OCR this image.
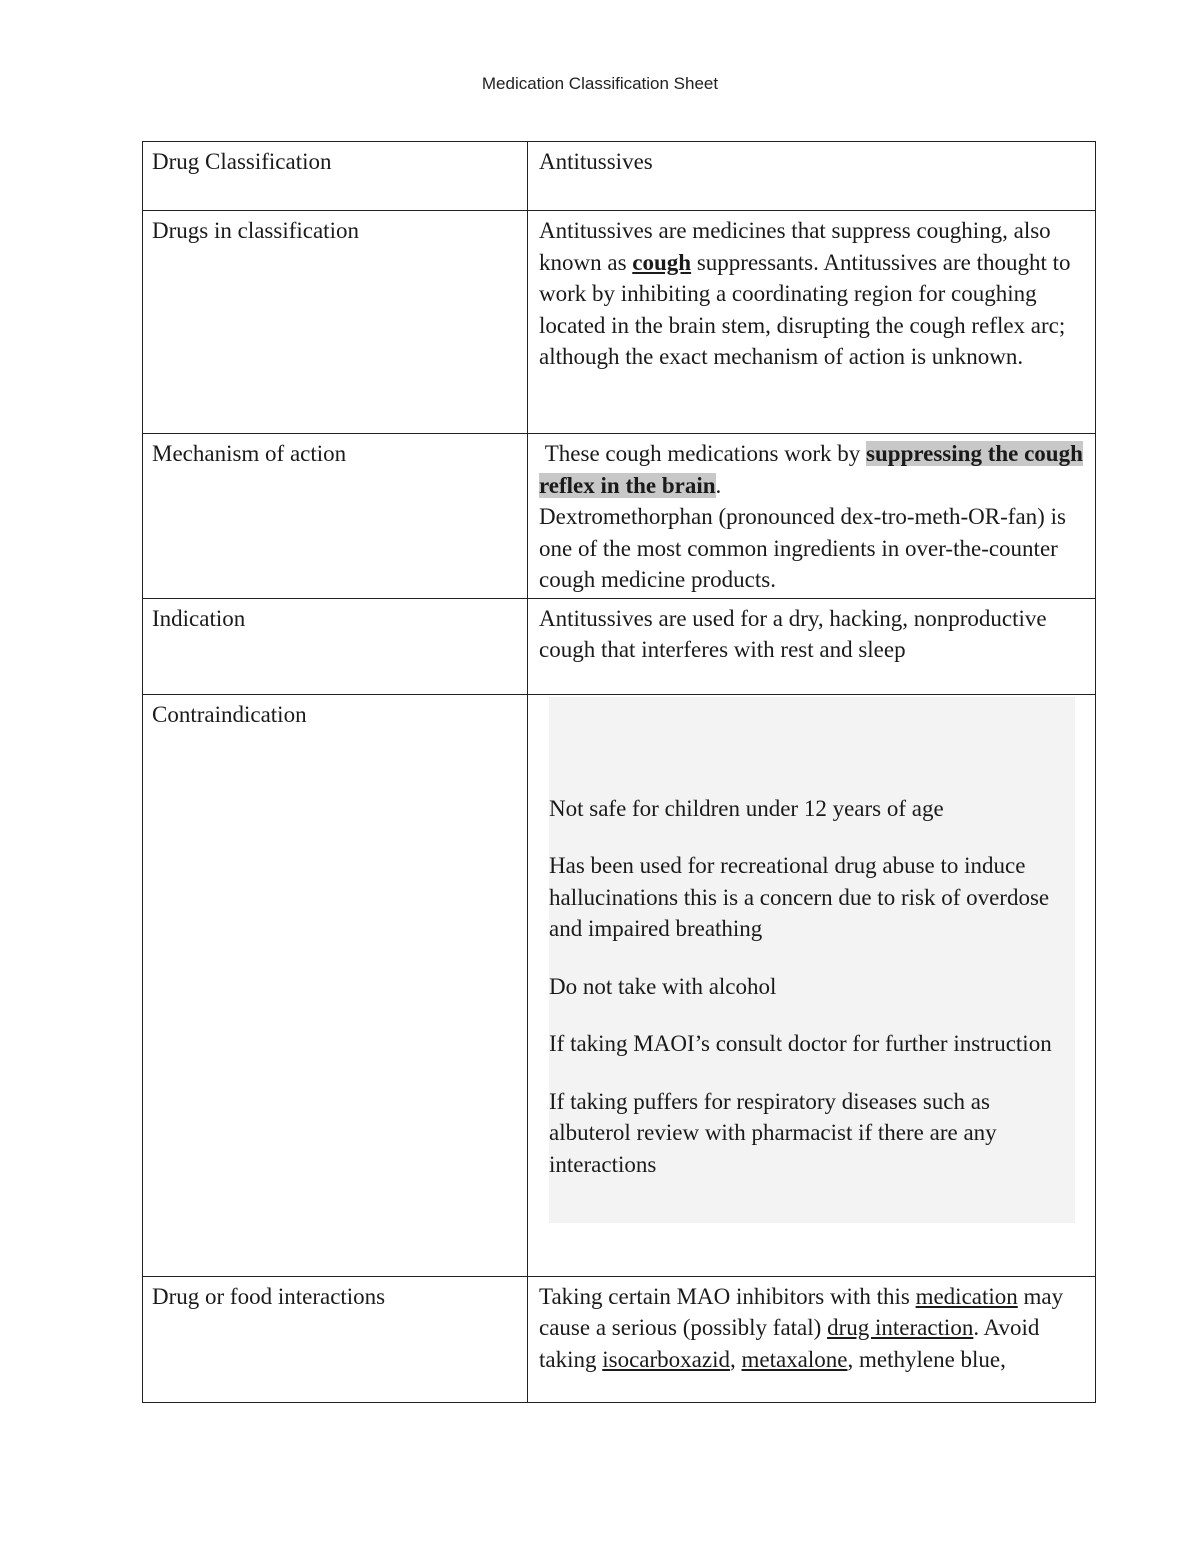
Medication Classification Sheet
Drug Classification	Antitussives
Drugs in classification	Antitussives are medicines that suppress coughing, also known as cough suppressants. Antitussives are thought to work by inhibiting a coordinating region for coughing located in the brain stem, disrupting the cough reflex arc; although the exact mechanism of action is unknown.
Mechanism of action	These cough medications work by suppressing the cough reflex in the brain.
Dextromethorphan (pronounced dex-tro-meth-OR-fan) is one of the most common ingredients in over-the-counter cough medicine products.
Indication	Antitussives are used for a dry, hacking, nonproductive cough that interferes with rest and sleep
Contraindication	Not safe for children under 12 years of age

Has been used for recreational drug abuse to induce hallucinations this is a concern due to risk of overdose and impaired breathing

Do not take with alcohol

If taking MAOI’s consult doctor for further instruction

If taking puffers for respiratory diseases such as albuterol review with pharmacist if there are any interactions

Drug or food interactions	Taking certain MAO inhibitors with this medication may cause a serious (possibly fatal) drug interaction. Avoid taking isocarboxazid, metaxalone, methylene blue,
